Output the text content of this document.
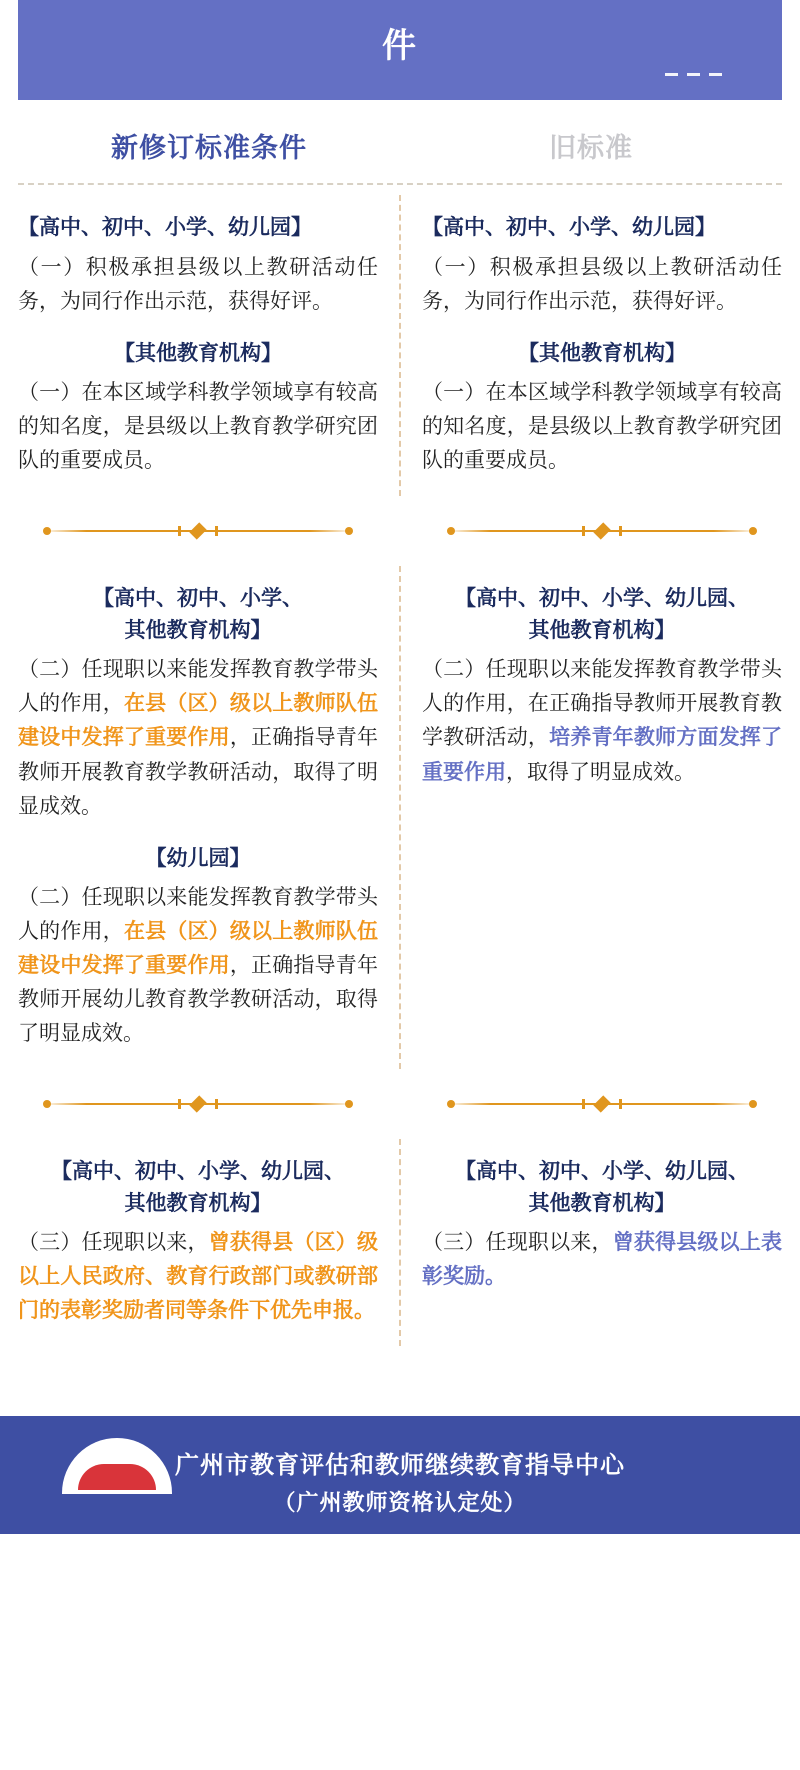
件
新修订标准条件	旧标准
【高中、初中、小学、幼儿园】
（一）积极承担县级以上教研活动任务，为同行作出示范，获得好评。
【其他教育机构】
（一）在本区域学科教学领域享有较高的知名度，是县级以上教育教学研究团队的重要成员。
【高中、初中、小学、幼儿园】
（一）积极承担县级以上教研活动任务，为同行作出示范，获得好评。
【其他教育机构】
（一）在本区域学科教学领域享有较高的知名度，是县级以上教育教学研究团队的重要成员。
【高中、初中、小学、
其他教育机构】
（二）任现职以来能发挥教育教学带头人的作用，在县（区）级以上教师队伍建设中发挥了重要作用，正确指导青年教师开展教育教学教研活动，取得了明显成效。
【幼儿园】
（二）任现职以来能发挥教育教学带头人的作用，在县（区）级以上教师队伍建设中发挥了重要作用，正确指导青年教师开展幼儿教育教学教研活动，取得了明显成效。
【高中、初中、小学、幼儿园、
其他教育机构】
（二）任现职以来能发挥教育教学带头人的作用，在正确指导教师开展教育教学教研活动，培养青年教师方面发挥了重要作用，取得了明显成效。
【高中、初中、小学、幼儿园、
其他教育机构】
（三）任现职以来，曾获得县（区）级以上人民政府、教育行政部门或教研部门的表彰奖励者同等条件下优先申报。
【高中、初中、小学、幼儿园、
其他教育机构】
（三）任现职以来，曾获得县级以上表彰奖励。
广州市教育评估和教师继续教育指导中心
（广州教师资格认定处）
